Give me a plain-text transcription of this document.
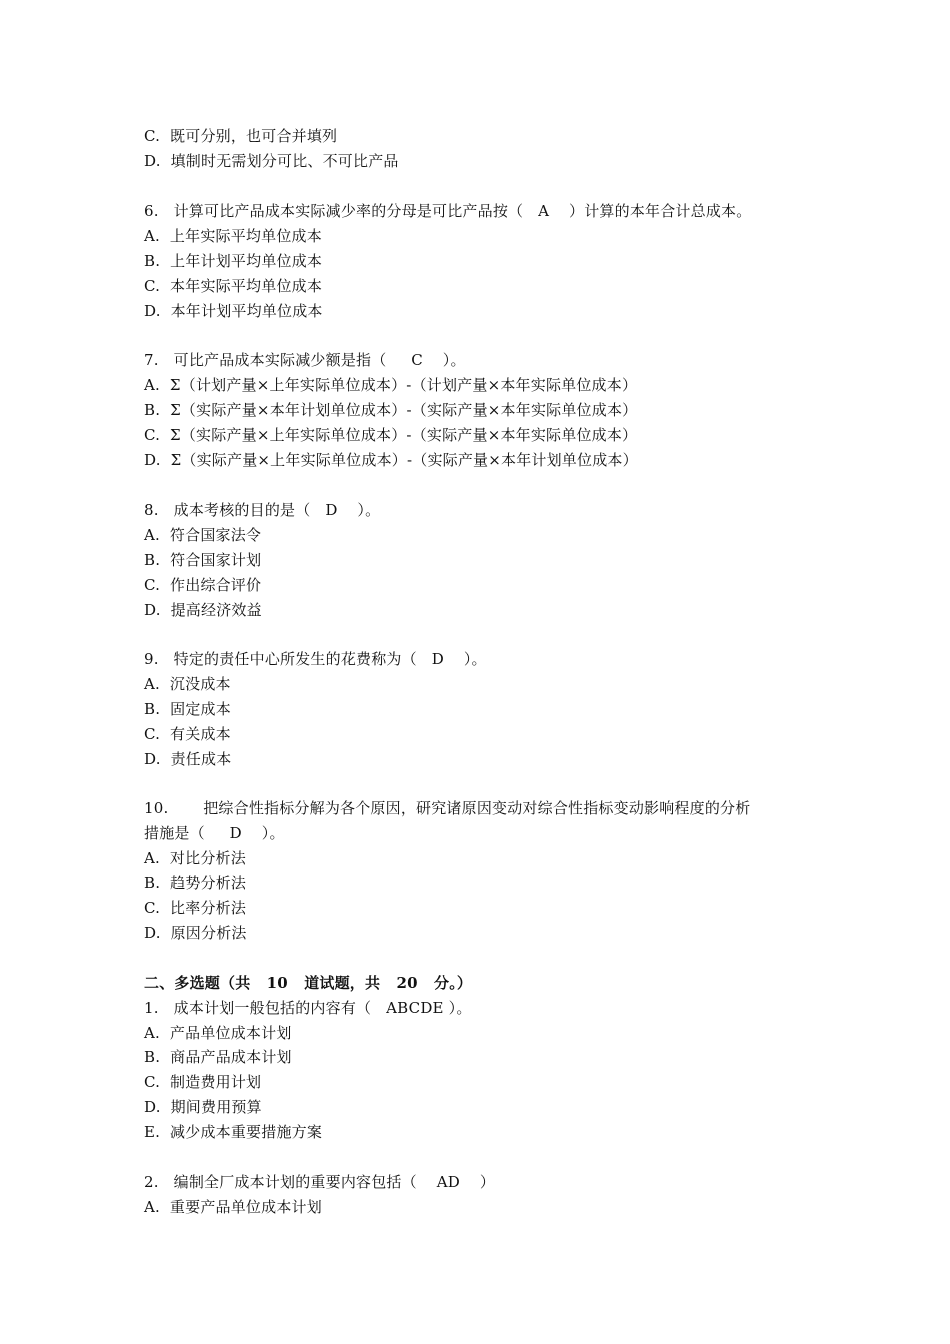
C.  既可分别，也可合并填列
D.  填制时无需划分可比、不可比产品
6.   计算可比产品成本实际减少率的分母是可比产品按（   A    ）计算的本年合计总成本。
A.  上年实际平均单位成本
B.  上年计划平均单位成本
C.  本年实际平均单位成本
D.  本年计划平均单位成本
7.   可比产品成本实际减少额是指（     C    ）。
A.  Σ（计划产量×上年实际单位成本）-（计划产量×本年实际单位成本）
B.  Σ（实际产量×本年计划单位成本）-（实际产量×本年实际单位成本）
C.  Σ（实际产量×上年实际单位成本）-（实际产量×本年实际单位成本）
D.  Σ（实际产量×上年实际单位成本）-（实际产量×本年计划单位成本）
8.   成本考核的目的是（   D    ）。
A.  符合国家法令
B.  符合国家计划
C.  作出综合评价
D.  提高经济效益
9.   特定的责任中心所发生的花费称为（   D    ）。
A.  沉没成本
B.  固定成本
C.  有关成本
D.  责任成本
10.       把综合性指标分解为各个原因，研究诸原因变动对综合性指标变动影响程度的分析
措施是（     D    ）。
A.  对比分析法
B.  趋势分析法
C.  比率分析法
D.  原因分析法
二、多选题（共   10   道试题，共   20   分。）
1.   成本计划一般包括的内容有（   ABCDE ）。
A.  产品单位成本计划
B.  商品产品成本计划
C.  制造费用计划
D.  期间费用预算
E.  减少成本重要措施方案
2.   编制全厂成本计划的重要内容包括（    AD    ）
A.  重要产品单位成本计划
